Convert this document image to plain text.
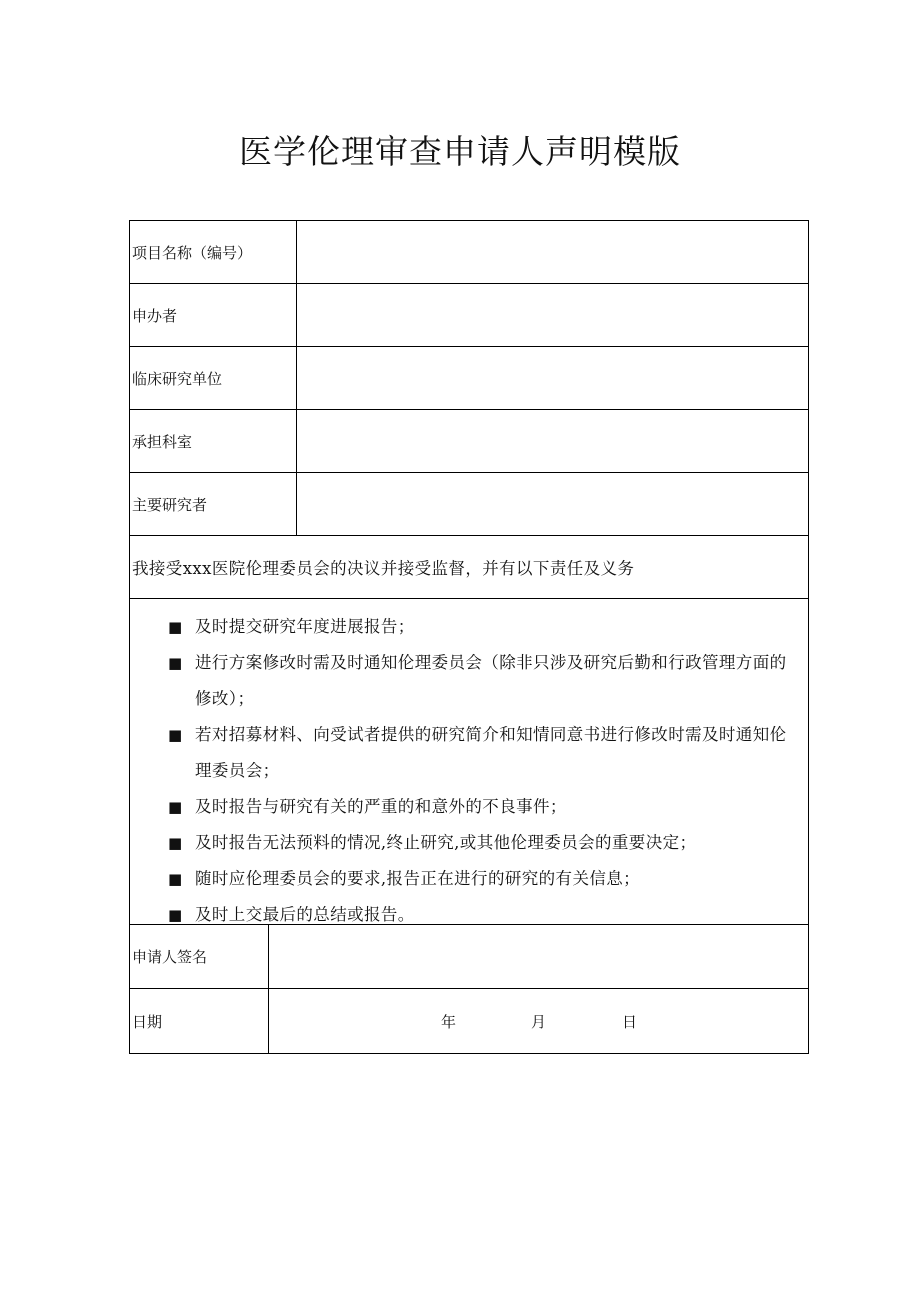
医学伦理审查申请人声明模版
项目名称（编号）
申办者
临床研究单位
承担科室
主要研究者
我接受xxx医院伦理委员会的决议并接受监督，并有以下责任及义务
■ 及时提交研究年度进展报告；
■ 进行方案修改时需及时通知伦理委员会（除非只涉及研究后勤和行政管理方面的修改）；
■ 若对招募材料、向受试者提供的研究简介和知情同意书进行修改时需及时通知伦理委员会；
■ 及时报告与研究有关的严重的和意外的不良事件；
■ 及时报告无法预料的情况,终止研究,或其他伦理委员会的重要决定；
■ 随时应伦理委员会的要求,报告正在进行的研究的有关信息；
■ 及时上交最后的总结或报告。
申请人签名
日期	年	月	日
